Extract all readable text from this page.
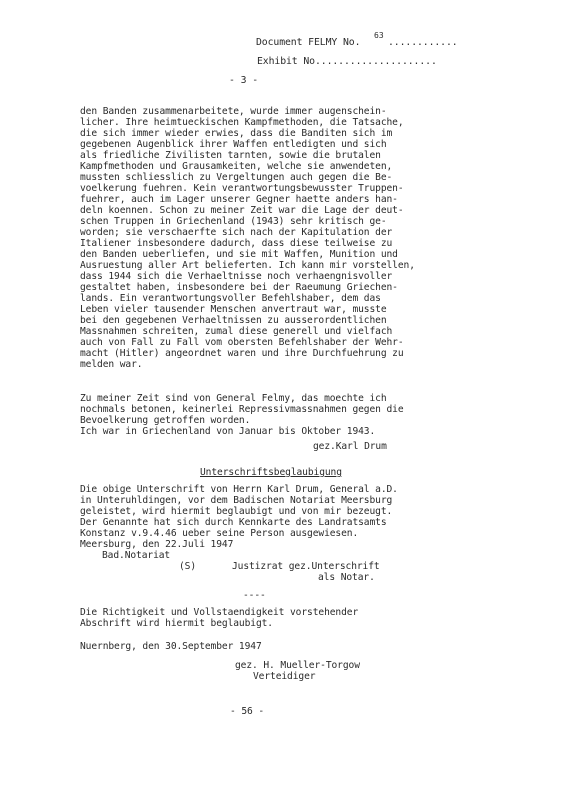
Document FELMY No.
63
............
Exhibit No.....................
- 3 -
den Banden zusammenarbeitete, wurde immer augenschein-
licher. Ihre heimtueckischen Kampfmethoden, die Tatsache,
die sich immer wieder erwies, dass die Banditen sich im
gegebenen Augenblick ihrer Waffen entledigten und sich
als friedliche Zivilisten tarnten, sowie die brutalen
Kampfmethoden und Grausamkeiten, welche sie anwendeten,
mussten schliesslich zu Vergeltungen auch gegen die Be-
voelkerung fuehren. Kein verantwortungsbewusster Truppen-
fuehrer, auch im Lager unserer Gegner haette anders han-
deln koennen. Schon zu meiner Zeit war die Lage der deut-
schen Truppen in Griechenland (1943) sehr kritisch ge-
worden; sie verschaerfte sich nach der Kapitulation der
Italiener insbesondere dadurch, dass diese teilweise zu
den Banden ueberliefen, und sie mit Waffen, Munition und
Ausruestung aller Art belieferten. Ich kann mir vorstellen,
dass 1944 sich die Verhaeltnisse noch verhaengnisvoller
gestaltet haben, insbesondere bei der Raeumung Griechen-
lands. Ein verantwortungsvoller Befehlshaber, dem das
Leben vieler tausender Menschen anvertraut war, musste
bei den gegebenen Verhaeltnissen zu ausserordentlichen
Massnahmen schreiten, zumal diese generell und vielfach
auch von Fall zu Fall vom obersten Befehlshaber der Wehr-
macht (Hitler) angeordnet waren und ihre Durchfuehrung zu
melden war.
Zu meiner Zeit sind von General Felmy, das moechte ich
nochmals betonen, keinerlei Repressivmassnahmen gegen die
Bevoelkerung getroffen worden.
Ich war in Griechenland von Januar bis Oktober 1943.
gez.Karl Drum
Unterschriftsbeglaubigung
Die obige Unterschrift von Herrn Karl Drum, General a.D.
in Unteruhldingen, vor dem Badischen Notariat Meersburg
geleistet, wird hiermit beglaubigt und von mir bezeugt.
Der Genannte hat sich durch Kennkarte des Landratsamts
Konstanz v.9.4.46 ueber seine Person ausgewiesen.
Meersburg, den 22.Juli 1947
Bad.Notariat
(S)	Justizrat gez.Unterschrift
als Notar.
----
Die Richtigkeit und Vollstaendigkeit vorstehender
Abschrift wird hiermit beglaubigt.
Nuernberg, den 30.September 1947
gez. H. Mueller-Torgow
Verteidiger
- 56 -
